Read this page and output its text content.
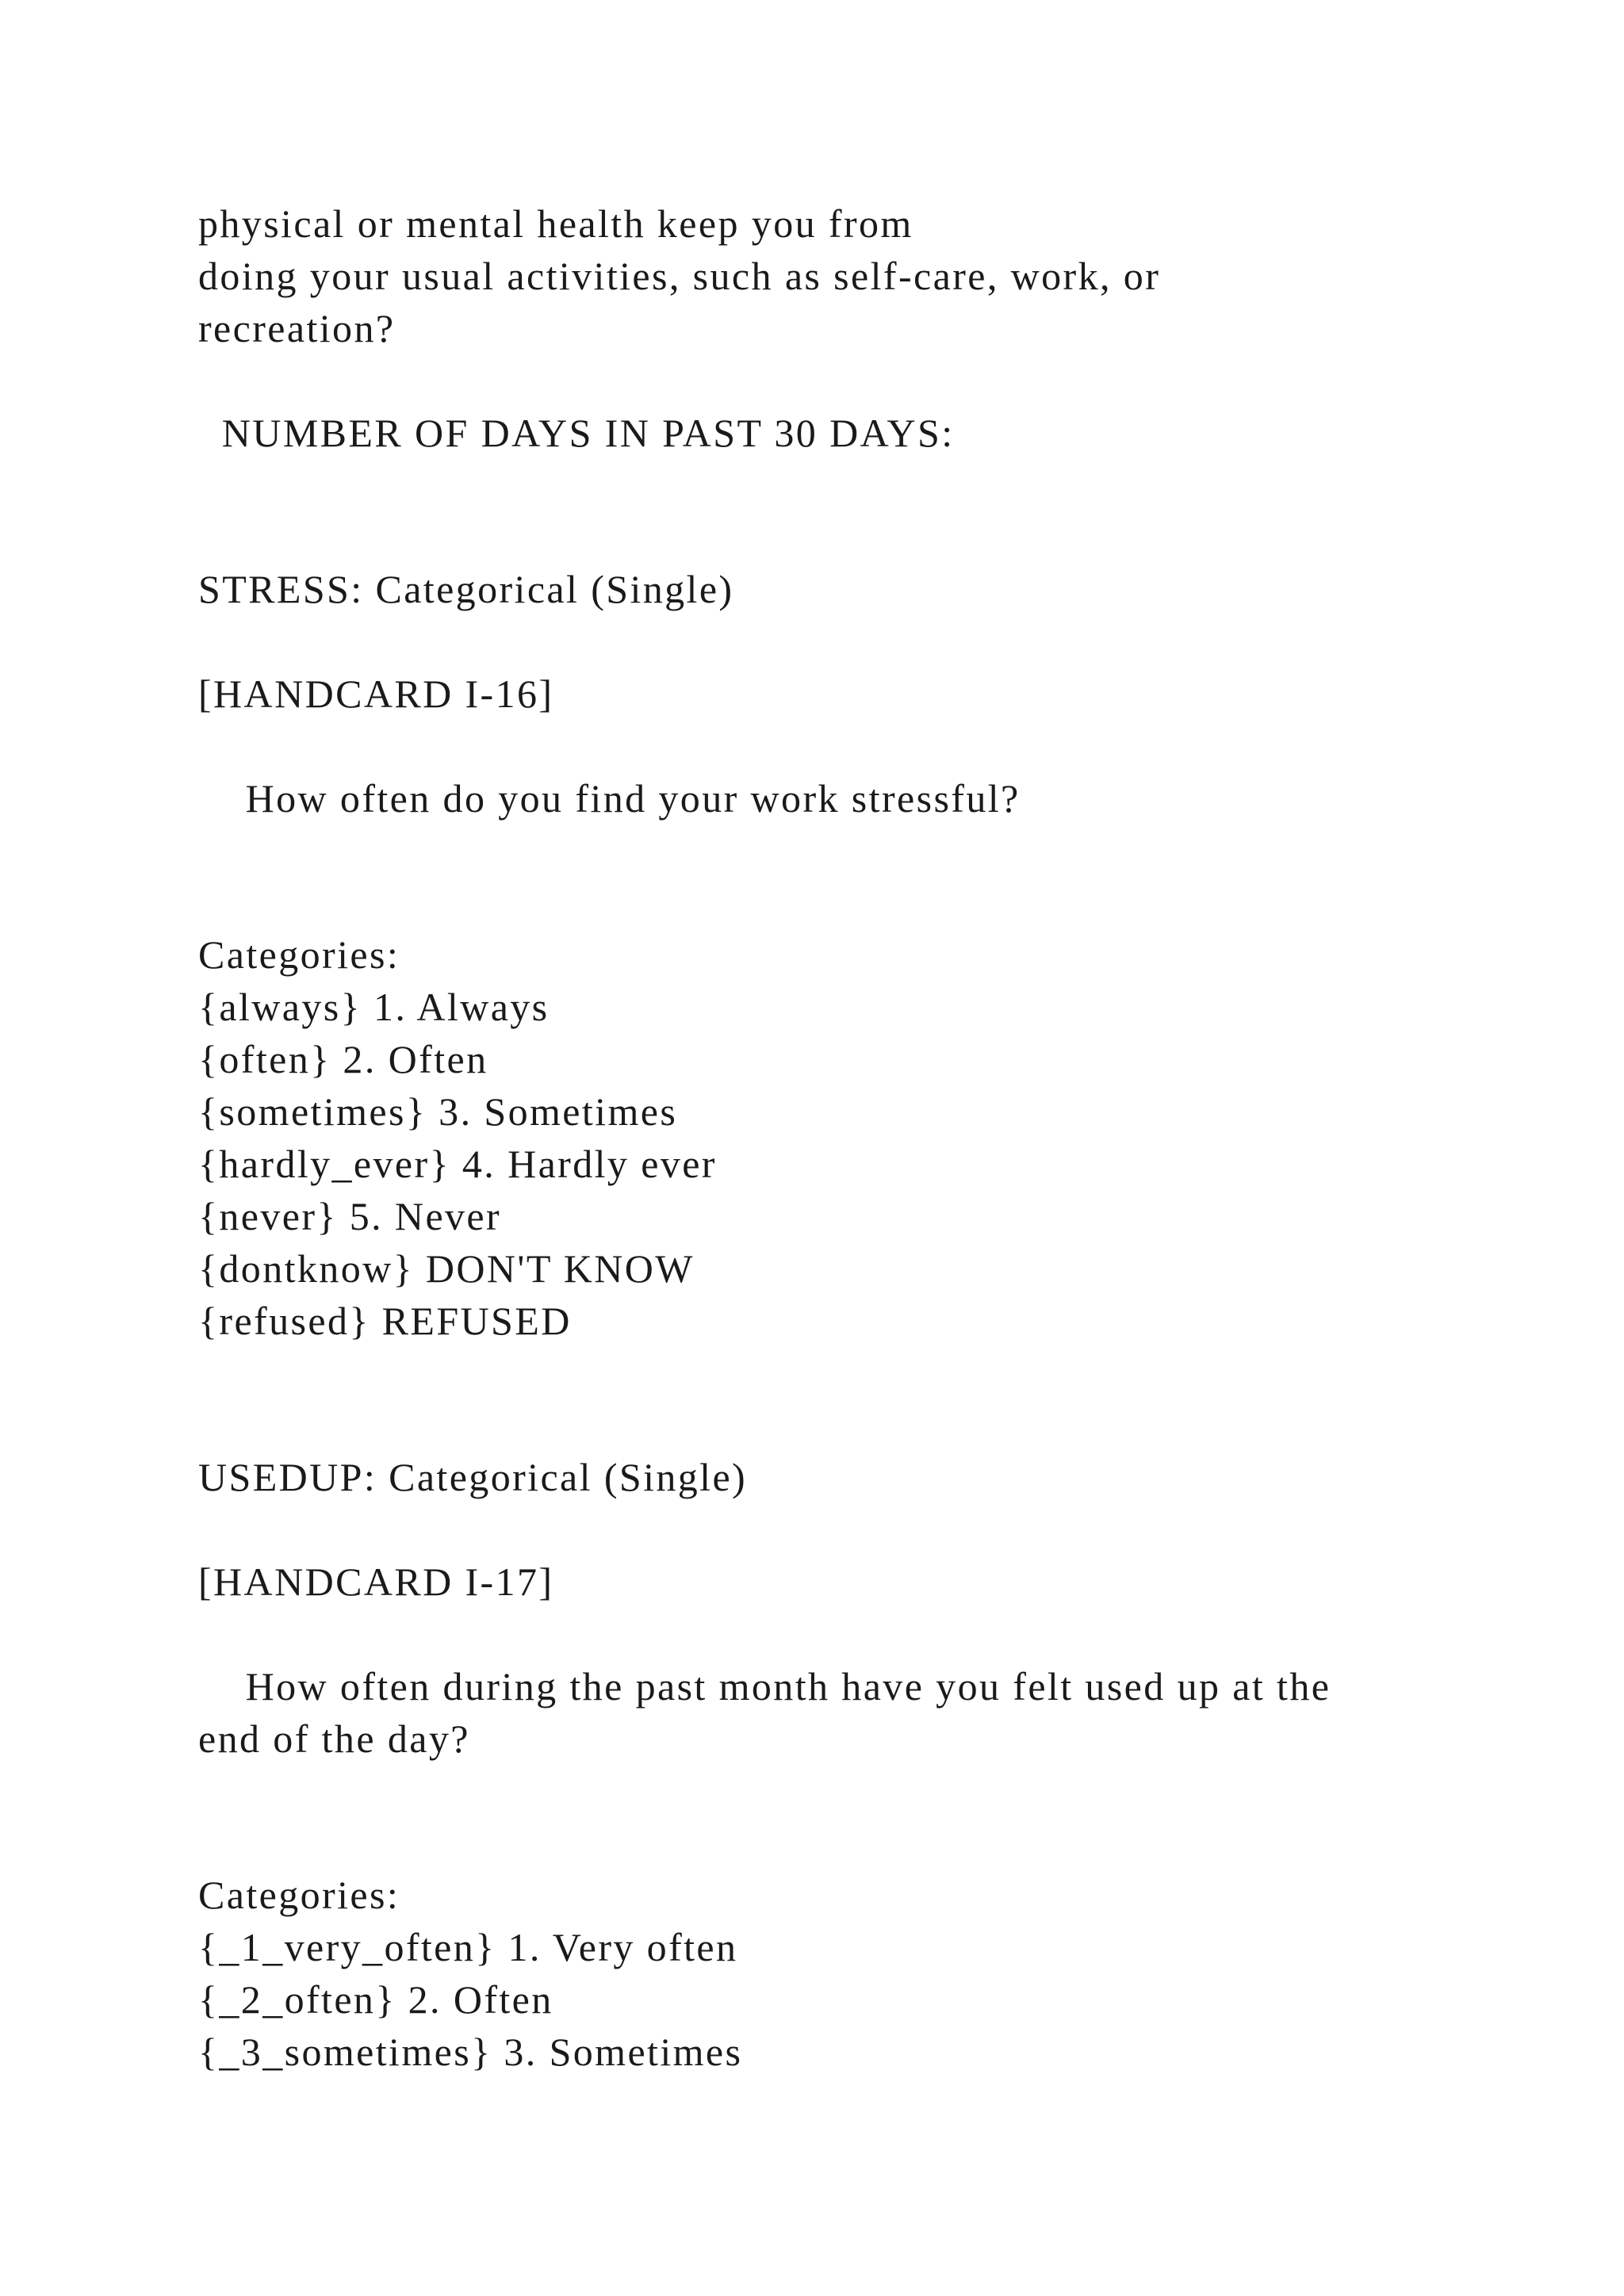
physical or mental health keep you from
doing your usual activities, such as self-care, work, or
recreation?
NUMBER OF DAYS IN PAST 30 DAYS:
STRESS: Categorical (Single)
[HANDCARD I-16]
How often do you find your work stressful?
Categories:
{always} 1. Always
{often} 2. Often
{sometimes} 3. Sometimes
{hardly_ever} 4. Hardly ever
{never} 5. Never
{dontknow} DON'T KNOW
{refused} REFUSED
USEDUP: Categorical (Single)
[HANDCARD I-17]
How often during the past month have you felt used up at the
end of the day?
Categories:
{_1_very_often} 1. Very often
{_2_often} 2. Often
{_3_sometimes} 3. Sometimes
